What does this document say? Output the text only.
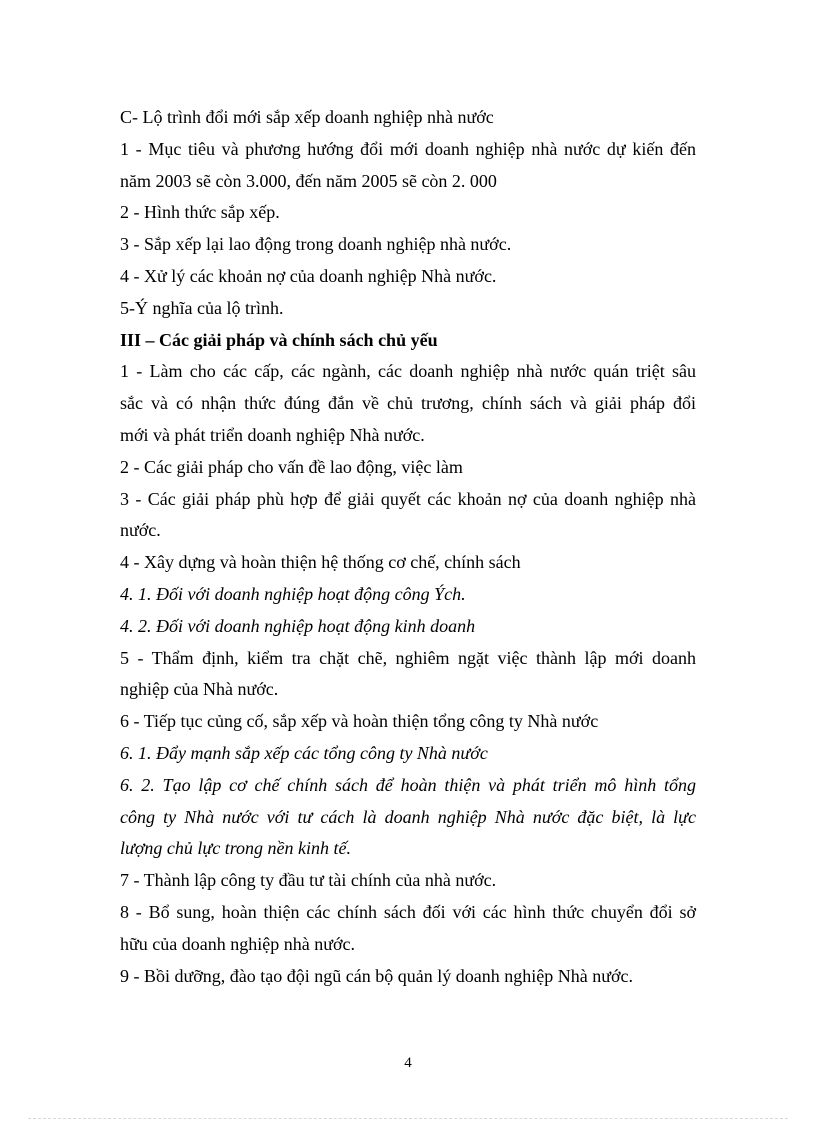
C- Lộ trình đổi mới sắp xếp doanh nghiệp nhà nước
1 - Mục tiêu và phương hướng đổi mới doanh nghiệp nhà nước dự kiến đến
năm 2003 sẽ còn 3.000, đến năm 2005 sẽ còn 2. 000
2 - Hình thức sắp xếp.
3 - Sắp xếp lại lao động trong doanh nghiệp nhà nước.
4 - Xử lý các khoản nợ của doanh nghiệp Nhà nước.
5-Ý nghĩa của lộ trình.
III – Các giải pháp và chính sách chủ yếu
1 - Làm cho các cấp, các ngành, các doanh nghiệp nhà nước quán triệt sâu
sắc và có nhận thức đúng đắn về chủ trương, chính sách và giải pháp đổi
mới và phát triển doanh nghiệp Nhà nước.
2 - Các giải pháp cho vấn đề lao động, việc làm
3 - Các giải pháp phù hợp để giải quyết các khoản nợ của doanh nghiệp nhà
nước.
4 - Xây dựng và hoàn thiện hệ thống cơ chế, chính sách
4. 1. Đối với doanh nghiệp hoạt động công Ých.
4. 2. Đối với doanh nghiệp hoạt động kinh doanh
5 - Thẩm định, kiểm tra chặt chẽ, nghiêm ngặt việc thành lập mới doanh
nghiệp của Nhà nước.
6 - Tiếp tục củng cố, sắp xếp và hoàn thiện tổng công ty Nhà nước
6. 1. Đẩy mạnh sắp xếp các tổng công ty Nhà nước
6. 2. Tạo lập cơ chế chính sách để hoàn thiện và phát triển mô hình tổng
công ty Nhà nước với tư cách là doanh nghiệp Nhà nước đặc biệt, là lực
lượng chủ lực trong nền kinh tế.
7 - Thành lập công ty đầu tư tài chính của nhà nước.
8 - Bổ sung, hoàn thiện các chính sách đối với các hình thức chuyển đổi sở
hữu của doanh nghiệp nhà nước.
9 - Bồi dưỡng, đào tạo đội ngũ cán bộ quản lý doanh nghiệp Nhà nước.
4
